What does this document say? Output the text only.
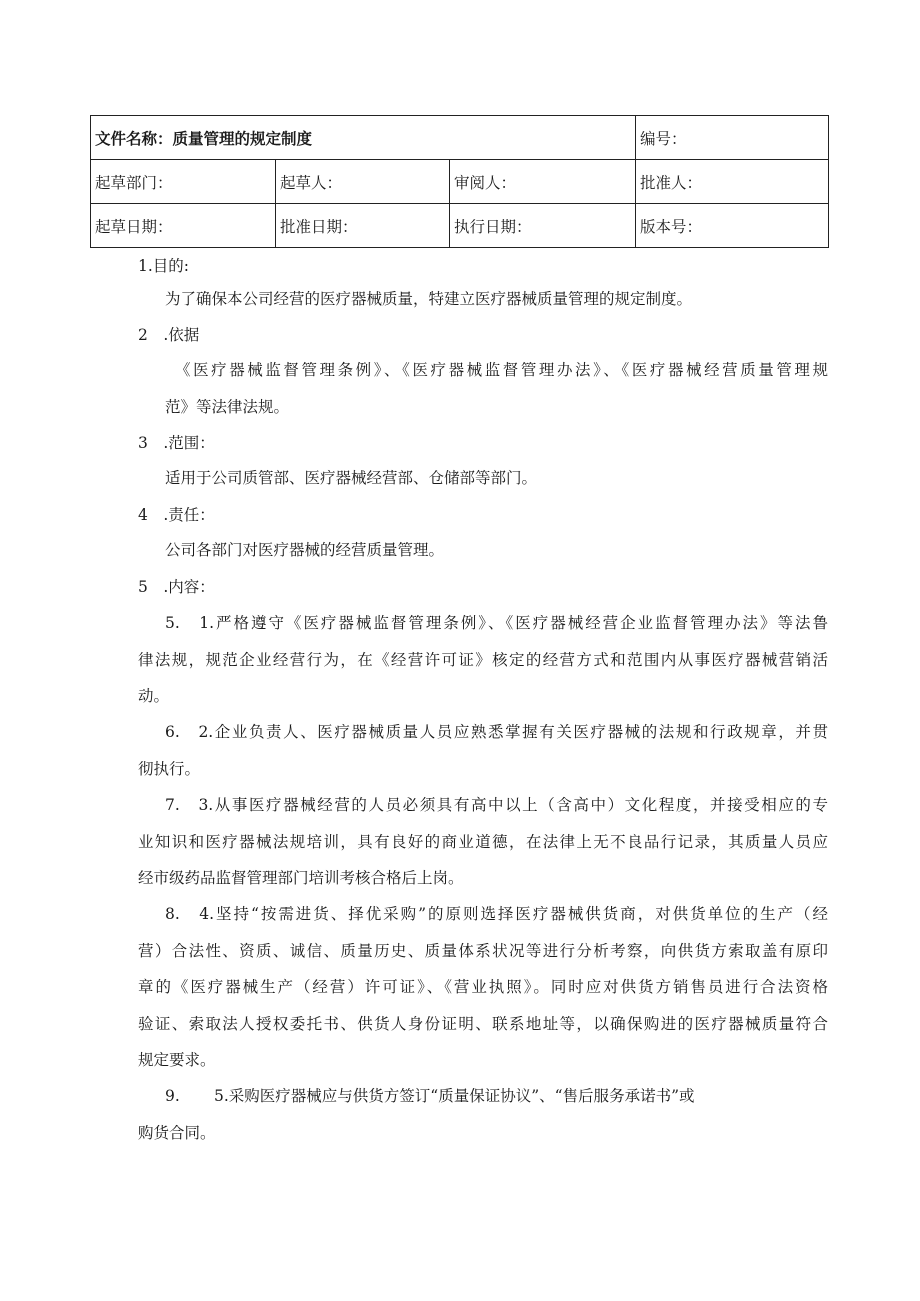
文件名称：质量管理的规定制度			编号：
起草部门：	起草人：	审阅人：	批准人：
起草日期：	批准日期：	执行日期：	版本号：
1.目的:
为了确保本公司经营的医疗器械质量，特建立医疗器械质量管理的规定制度。
2　.依据
《医疗器械监督管理条例》、《医疗器械监督管理办法》、《医疗器械经营质量管理规
范》等法律法规。
3　.范围：
适用于公司质管部、医疗器械经营部、仓储部等部门。
4　.责任：
公司各部门对医疗器械的经营质量管理。
5　.内容：
5.　1.严格遵守《医疗器械监督管理条例》、《医疗器械经营企业监督管理办法》等法鲁
律法规，规范企业经营行为，在《经营许可证》核定的经营方式和范围内从事医疗器械营销活
动。
6.　2.企业负责人、医疗器械质量人员应熟悉掌握有关医疗器械的法规和行政规章，并贯
彻执行。
7.　3.从事医疗器械经营的人员必须具有高中以上（含高中）文化程度，并接受相应的专
业知识和医疗器械法规培训，具有良好的商业道德，在法律上无不良品行记录，其质量人员应
经市级药品监督管理部门培训考核合格后上岗。
8.　4.坚持“按需进货、择优采购”的原则选择医疗器械供货商，对供货单位的生产（经
营）合法性、资质、诚信、质量历史、质量体系状况等进行分析考察，向供货方索取盖有原印
章的《医疗器械生产（经营）许可证》、《营业执照》。同时应对供货方销售员进行合法资格
验证、索取法人授权委托书、供货人身份证明、联系地址等，以确保购进的医疗器械质量符合
规定要求。
9. 5.采购医疗器械应与供货方签订“质量保证协议”、“售后服务承诺书”或
购货合同。
